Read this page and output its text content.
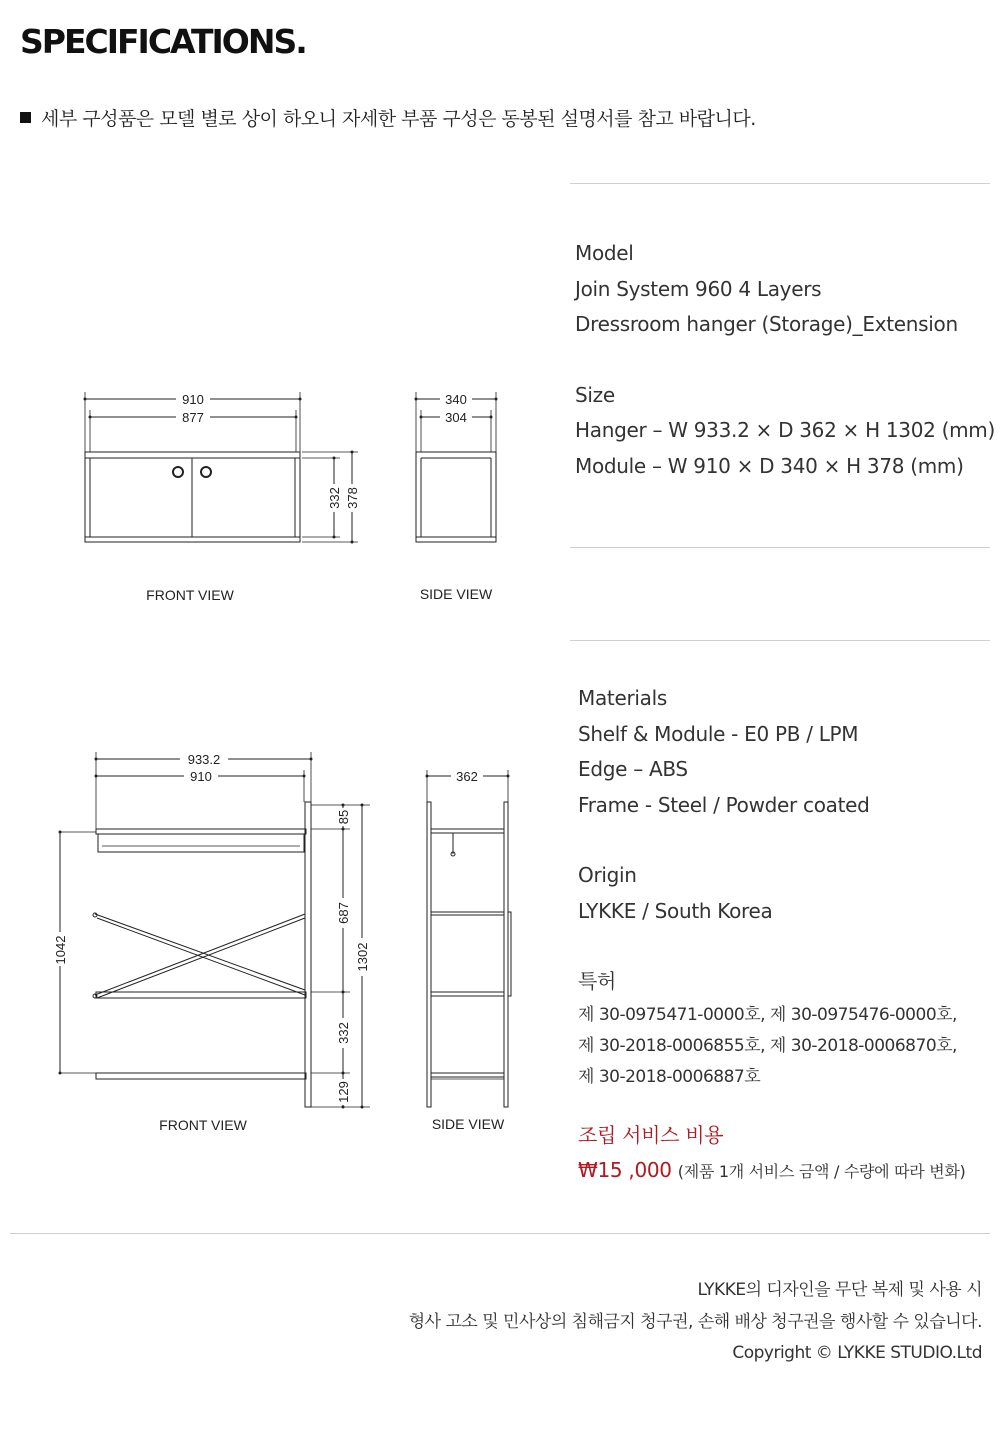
SPECIFICATIONS.
세부 구성품은 모델 별로 상이 하오니 자세한 부품 구성은 동봉된 설명서를 참고 바랍니다.
910
877
332 378
340
304
FRONT VIEW	SIDE VIEW
933.2
910
1042
85
687
1302
332
129
362
FRONT VIEW	SIDE VIEW
Model
Join System 960 4 Layers
Dressroom hanger (Storage)_Extension
Size
Hanger – W 933.2 × D 362 × H 1302 (mm)
Module – W 910 × D 340 × H 378 (mm)
Materials
Shelf & Module - E0 PB / LPM
Edge – ABS
Frame - Steel / Powder coated
Origin
LYKKE / South Korea
특허
제 30-0975471-0000호, 제 30-0975476-0000호,
제 30-2018-0006855호, 제 30-2018-0006870호,
제 30-2018-0006887호
조립 서비스 비용
₩15 ,000 (제품 1개 서비스 금액 / 수량에 따라 변화)
LYKKE의 디자인을 무단 복제 및 사용 시
형사 고소 및 민사상의 침해금지 청구권, 손해 배상 청구권을 행사할 수 있습니다.
Copyright © LYKKE STUDIO.Ltd
